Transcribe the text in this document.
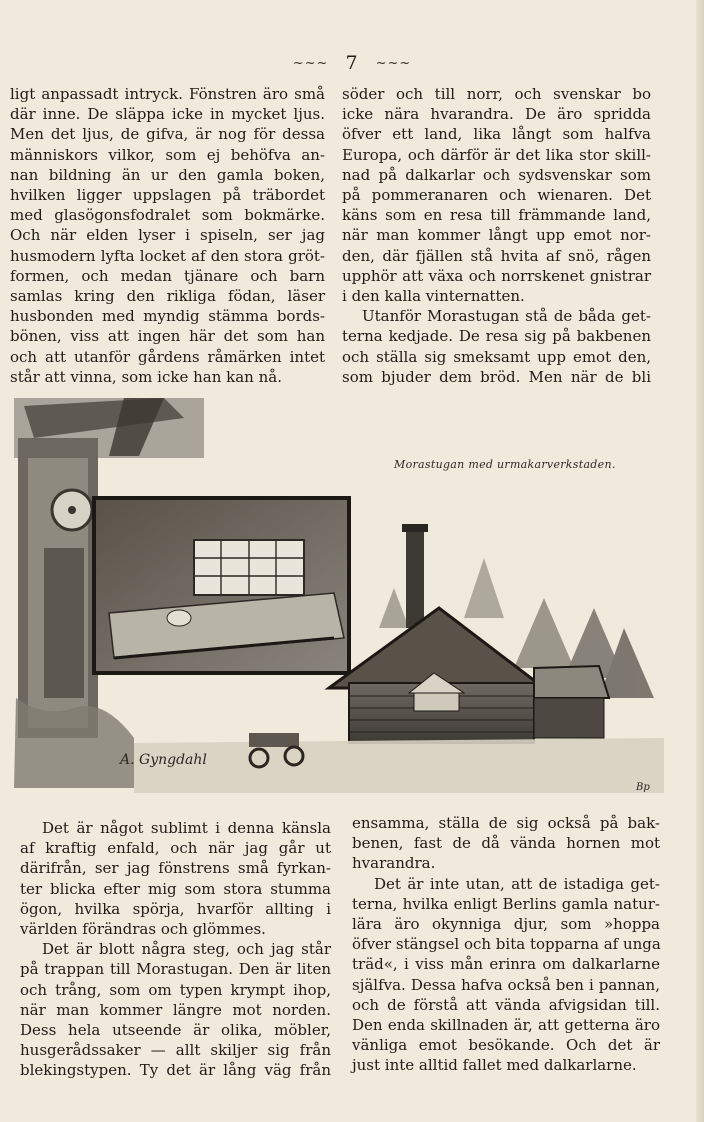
~~~ 7 ~~~
ligt anpassadt intryck. Fönstren äro små
där inne. De släppa icke in mycket ljus.
Men det ljus, de gifva, är nog för dessa
människors vilkor, som ej behöfva an-
nan bildning än ur den gamla boken,
hvilken ligger uppslagen på träbordet
med glasögonsfodralet som bokmärke.
Och när elden lyser i spiseln, ser jag
husmodern lyfta locket af den stora gröt-
formen, och medan tjänare och barn
samlas kring den rikliga födan, läser
husbonden med myndig stämma bords-
bönen, viss att ingen här det som han
och att utanför gårdens råmärken intet
står att vinna, som icke han kan nå.
söder och till norr, och svenskar bo
icke nära hvarandra. De äro spridda
öfver ett land, lika långt som halfva
Europa, och därför är det lika stor skill-
nad på dalkarlar och sydsvenskar som
på pommeranaren och wienaren. Det
käns som en resa till främmande land,
när man kommer långt upp emot nor-
den, där fjällen stå hvita af snö, rågen
upphör att växa och norrskenet gnistrar
i den kalla vinternatten.
Utanför Morastugan stå de båda get-
terna kedjade. De resa sig på bakbenen
och ställa sig smeksamt upp emot den,
som bjuder dem bröd. Men när de bli
A. Gyngdahl
Bp
Morastugan med urmakarverkstaden.
Det är något sublimt i denna känsla
af kraftig enfald, och när jag går ut
därifrån, ser jag fönstrens små fyrkan-
ter blicka efter mig som stora stumma
ögon, hvilka spörja, hvarför allting i
världen förändras och glömmes.
Det är blott några steg, och jag står
på trappan till Morastugan. Den är liten
och trång, som om typen krympt ihop,
när man kommer längre mot norden.
Dess hela utseende är olika, möbler,
husgerådssaker — allt skiljer sig från
blekingstypen. Ty det är lång väg från
ensamma, ställa de sig också på bak-
benen, fast de då vända hornen mot
hvarandra.
Det är inte utan, att de istadiga get-
terna, hvilka enligt Berlins gamla natur-
lära äro okynniga djur, som »hoppa
öfver stängsel och bita topparna af unga
träd«, i viss mån erinra om dalkarlarne
själfva. Dessa hafva också ben i pannan,
och de förstå att vända afvigsidan till.
Den enda skillnaden är, att getterna äro
vänliga emot besökande. Och det är
just inte alltid fallet med dalkarlarne.
